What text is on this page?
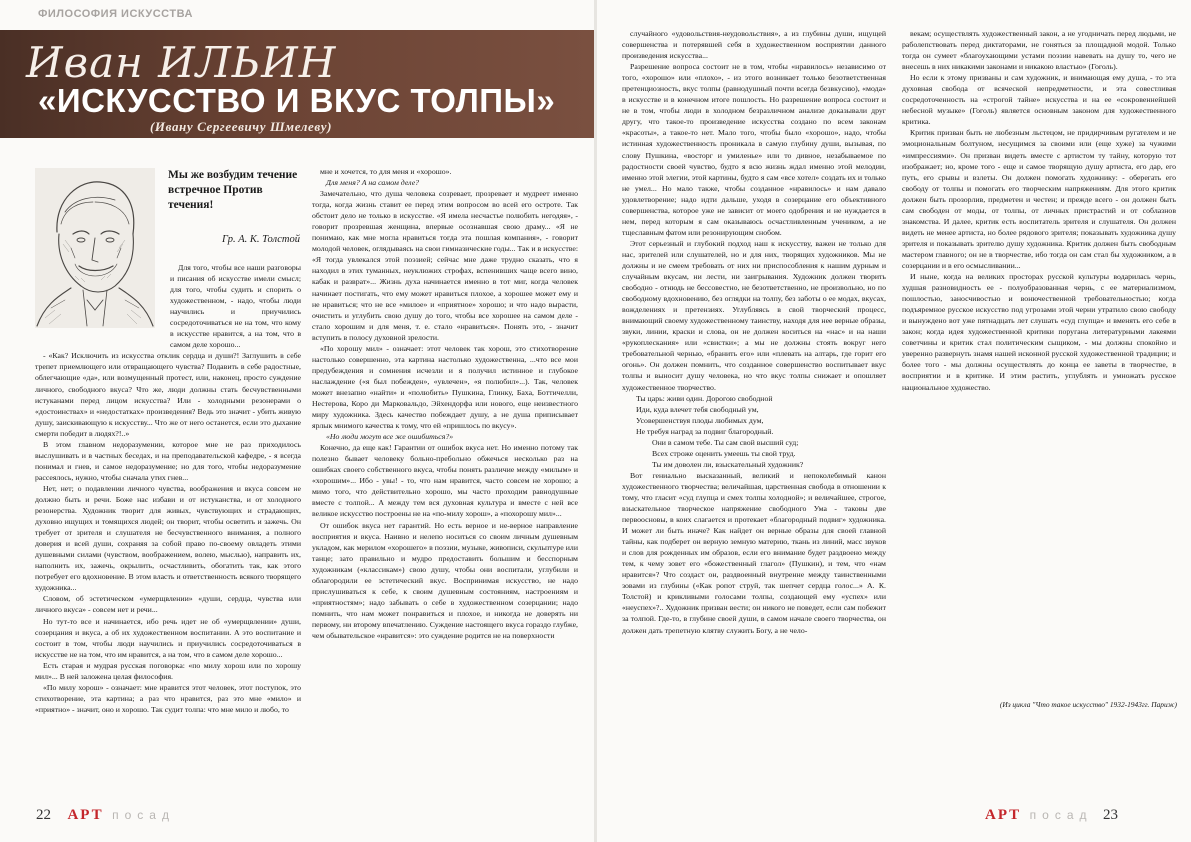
ФИЛОСОФИЯ ИСКУССТВА
Иван ИЛЬИН
«ИСКУССТВО И ВКУС ТОЛПЫ»
(Ивану Сергеевичу Шмелеву)
Мы же возбудим течение встречное Против течения!
Гр. А. К. Толстой

Для того, чтобы все наши разговоры и писания об искусстве имели смысл; для того, чтобы судить и спорить о художественном, - надо, чтобы люди научились и приучились сосредоточиваться не на том, что кому в искусстве нравится, а на том, что в самом деле хорошо...

- «Как? Исключить из искусства отклик сердца и души?! Заглушить в себе трепет приемлющего или отвращающего чувства? Подавить в себе радостные, облегчающие «да», или возмущенный протест, или, наконец, просто суждение личного, свободного вкуса? Что же, люди должны стать бесчувственными истуканами перед лицом искусства? Или - холодными резонерами о «достоинствах» и «недостатках» произведения? Ведь это значит - убить живую душу, заискивающую к искусству... Что же от него останется, если это дыхание смерти победит в людях?!..»

В этом главном недоразумении, которое мне не раз приходилось выслушивать и в частных беседах, и на преподавательской кафедре, - я всегда понимал и гнев, и самое недоразумение; но для того, чтобы недоразумение рассеялось, нужно, чтобы сначала утих гнев...

Нет, нет; о подавлении личного чувства, воображения и вкуса совсем не должно быть и речи. Боже нас избави и от истуканства, и от холодного резонерства. Художник творит для живых, чувствующих и страдающих, духовно ищущих и томящихся людей; он творит, чтобы осветить и зажечь. Он требует от зрителя и слушателя не бесчувственного внимания, а полного доверия и всей души, сохраняя за собой право по-своему овладеть этими душевными силами (чувством, воображением, волею, мыслью), направить их, наполнить их, зажечь, окрылить, осчастливить, обогатить так, как этого потребует его вдохновение. В этом власть и ответственность всякого творящего художника...

Словом, об эстетическом «умерщвлении» «души, сердца, чувства или личного вкуса» - совсем нет и речи...

Но тут-то все и начинается, ибо речь идет не об «умерщвлении» души, созерцания и вкуса, а об их художественном воспитании. А это воспитание и состоит в том, чтобы люди научились и приучились сосредоточиваться в искусстве не на том, что им нравится, а на том, что в самом деле хорошо...

Есть старая и мудрая русская поговорка: «по милу хорош или по хорошу мил»... В ней заложена целая философия.

«По милу хорош» - означает: мне нравится этот человек, этот поступок, это стихотворение, эта картина; а раз что нравится, раз это мне «мило» и «приятно» - значит, оно и хорошо. Так судит толпа: что мне мило и любо, то

мне и хочется, то для меня и «хорошо».

Для меня? А на самом деле?

Замечательно, что душа человека созревает, прозревает и мудреет именно тогда, когда жизнь ставит ее перед этим вопросом во всей его остроте. Так обстоит дело не только в искусстве. «Я имела несчастье полюбить негодяя», - говорит прозревшая женщина, впервые осознавшая свою драму... «Я не понимаю, как мне могла нравиться тогда эта пошлая компания», - говорит молодой человек, оглядываясь на свои гимназические годы... Так и в искусстве: «Я тогда увлекался этой поэзией; сейчас мне даже трудно сказать, что я находил в этих туманных, неуклюжих строфах, вспенивших чаще всего вино, кабак и разврат»... Жизнь духа начинается именно в тот миг, когда человек начинает постигать, что ему может нравиться плохое, а хорошее может ему и не нравиться; что не все «милое» и «приятное» хорошо; и что надо вырасти, очистить и углубить свою душу до того, чтобы все хорошее на самом деле - стало хорошим и для меня, т. е. стало «нравиться». Понять это, - значит вступить в полосу духовной зрелости.

«По хорошу мил» - означает: этот человек так хорош, это стихотворение настолько совершенно, эта картина настолько художественна, ...что все мои предубеждения и сомнения исчезли и я получил истинное и глубокое наслаждение («я был побежден», «увлечен», «я полюбил»...). Так, человек может внезапно «найти» и «полюбить» Пушкина, Глинку, Баха, Боттичелли, Нестерова, Коро ди Марковальдо, Эйхендорфа или нового, еще неизвестного миру художника. Здесь качество побеждает душу, а не душа приписывает ярлык мнимого качества к тому, что ей «пришлось по вкусу».

«Но люди могут все же ошибиться?»

Конечно, да еще как! Гарантии от ошибок вкуса нет. Но именно потому так полезно бывает человеку больно-пребольно обжечься несколько раз на ошибках своего собственного вкуса, чтобы понять различие между «милым» и «хорошим»... Ибо - увы! - то, что нам нравится, часто совсем не хорошо; а мимо того, что действительно хорошо, мы часто проходим равнодушные вместе с толпой... А между тем вся духовная культура и вместе с ней все великое искусство построены не на «по-милу хорош», а «похорошу мил»...

От ошибок вкуса нет гарантий. Но есть верное и не-верное направление восприятия и вкуса. Наивно и нелепо носиться со своим личным душевным укладом, как мерилом «хорошего» в поэзии, музыке, живописи, скульптуре или танце; зато правильно и мудро предоставить большим и бесспорным художникам («классикам») свою душу, чтобы они воспитали, углубили и облагородили ее эстетический вкус. Воспринимая искусство, не надо прислушиваться к себе, к своим душевным состояниям, настроениям и «приятностям»; надо забывать о себе в художественном созерцании; надо помнить, что нам может понравиться и плохое, и никогда не доверять ни первому, ни второму впечатлению. Суждение настоящего вкуса гораздо глубже, чем обывательское «нравится»: это суждение родится не на поверхности

случайного «удовольствия-неудовольствия», а из глубины души, ищущей совершенства и потерявшей себя в художественном восприятии данного произведения искусства...

Разрешение вопроса состоит не в том, чтобы «нравилось» независимо от того, «хорошо» или «плохо», - из этого возникает только безответственная претенциозность, вкус толпы (равнодушный почти всегда безвкусию), «мода» в искусстве и в конечном итоге пошлость. Но разрешение вопроса состоит и не в том, чтобы люди в холодном безразличном анализе доказывали друг другу, что такое-то произведение искусства создано по всем законам «красоты», а такое-то нет. Мало того, чтобы было «хорошо», надо, чтобы истинная художественность проникала в самую глубину души, вызывая, по слову Пушкина, «восторг и умиленье» или то дивное, незабываемое по радостности своей чувство, будто я всю жизнь ждал именно этой мелодии, именно этой элегии, этой картины, будто я сам «все хотел» создать их и только не умел... Но мало также, чтобы созданное «нравилось» и нам давало удовлетворение; надо идти дальше, уходя в созерцание его объективного совершенства, которое уже не зависит от моего одобрения и не нуждается в нем, перед которым я сам оказываюсь осчастливленным учеником, а не тщеславным фатом или резонирующим снобом.

Этот серьезный и глубокий подход наш к искусству, важен не только для нас, зрителей или слушателей, но и для них, творящих художников. Мы не должны и не смеем требовать от них ни приспособления к нашим дурным и случайным вкусам, ни лести, ни заигрывания. Художник должен творить свободно - отнюдь не бессовестно, не безответственно, не произвольно, но по свободному вдохновению, без оглядки на толпу, без заботы о ее модах, вкусах, вожделениях и претензиях. Углубляясь в свой творческий процесс, внимающий своему художественному таинству, находя для нее верные образы, звуки, линии, краски и слова, он не должен коситься на «нас» и на наши «рукоплескания» или «свистки»; а мы не должны стоять вокруг него требовательной чернью, «бранить его» или «плевать на алтарь, где горит его огонь». Он должен помнить, что созданное совершенство воспитывает вкус толпы и выносит душу человека, но что вкус толпы снижает и опошляет художественное творчество.

Ты царь: живи один. Дорогою свободной

Иди, куда влечет тебя свободный ум,

Усовершенствуя плоды любимых дум,

Не требуя наград за подвиг благородный.

Они в самом тебе. Ты сам свой высший суд;

Всех строже оценить умеешь ты свой труд.

Ты им доволен ли, взыскательный художник?

Вот гениально высказанный, великий и непоколебимый канон художественного творчества; величайшая, царственная свобода в отношении к тому, что гласит «суд глупца и смех толпы холодной»; и величайшее, строгое, взыскательное творческое напряжение свободного Ума - таковы две первоосновы, в коих слагается и протекает «благородный подвиг» художника. И может ли быть иначе? Как найдет он верные образы для своей главной тайны, как подберет он верную земную материю, ткань из линий, масс звуков и слов для рожденных им образов, если его внимание будет раздвоено между тем, к чему зовет его «божественный глагол» (Пушкин), и тем, что «нам нравится»? Что создаст он, раздвоенный внутренне между таинственными зовами из глубины («Как ропот струй, так шепчет сердца голос...» А. К. Толстой) и крикливыми голосами толпы, создающей ему «успех» или «неуспех»?.. Художник призван вести; он никого не поведет, если сам побежит за толпой. Где-то, в глубине своей души, в самом начале своего творчества, он должен дать трепетную клятву служить Богу, а не чело-

векам; осуществлять художественный закон, а не угодничать перед людьми, не раболепствовать перед диктаторами, не гоняться за площадной модой. Только тогда он сумеет «благоухающими устами поэзии навевать на душу то, чего не внесешь в них никакими законами и никакою властью» (Гоголь).

Но если к этому призваны и сам художник, и внимающая ему душа, - то эта духовная свобода от всяческой непредметности, и эта совестливая сосредоточенность на «строгой тайне» искусства и на ее «сокровеннейшей небесной музыке» (Гоголь) является основным законом для художественного критика.

Критик призван быть не любезным льстецом, не придирчивым ругателем и не эмоциональным болтуном, несущимся за своими или (еще хуже) за чужими «импрессиями». Он призван видеть вместе с артистом ту тайну, которую тот изображает; но, кроме того - еще и самое творящую душу артиста, его дар, его путь, его срывы и взлеты. Он должен помогать художнику: - оберегать его свободу от толпы и помогать его творческим напряжениям. Для этого критик должен быть прозорлив, предметен и честен; и прежде всего - он должен быть сам свободен от моды, от толпы, от личных пристрастий и от соблазнов знакомства. И далее, критик есть воспитатель зрителя и слушателя. Он должен видеть не менее артиста, но более рядового зрителя; показывать художника душу зрителя и показывать зрителю душу художника. Критик должен быть свободным мастером главного; он не в творчестве, ибо тогда он сам стал бы художником, а в созерцании и в его осмысливании...

И ныне, когда на великих просторах русской культуры водарилась чернь, худшая разновидность ее - полуобразованная чернь, с ее материализмом, пошлостью, заносчивостью и вонючественной требовательностью; когда подъяремное русское искусство под угрозами этой черни утратило свою свободу и вынуждено вот уже пятнадцать лет слушать «суд глупца» и вменять его себе в закон; когда идея художественной критики поругана литературными лакеями советчины и критик стал политическим сыщиком, - мы должны спокойно и уверенно развернуть знамя нашей исконной русской художественной традиции; и более того - мы должны осуществлять до конца ее заветы в творчестве, в восприятии и в критике. И этим растить, углублять и умножать русское национальное художество.

(Из цикла "Что такое искусство" 1932-1943гг. Париж)
22 АРТ посад	АРТ посад 23
